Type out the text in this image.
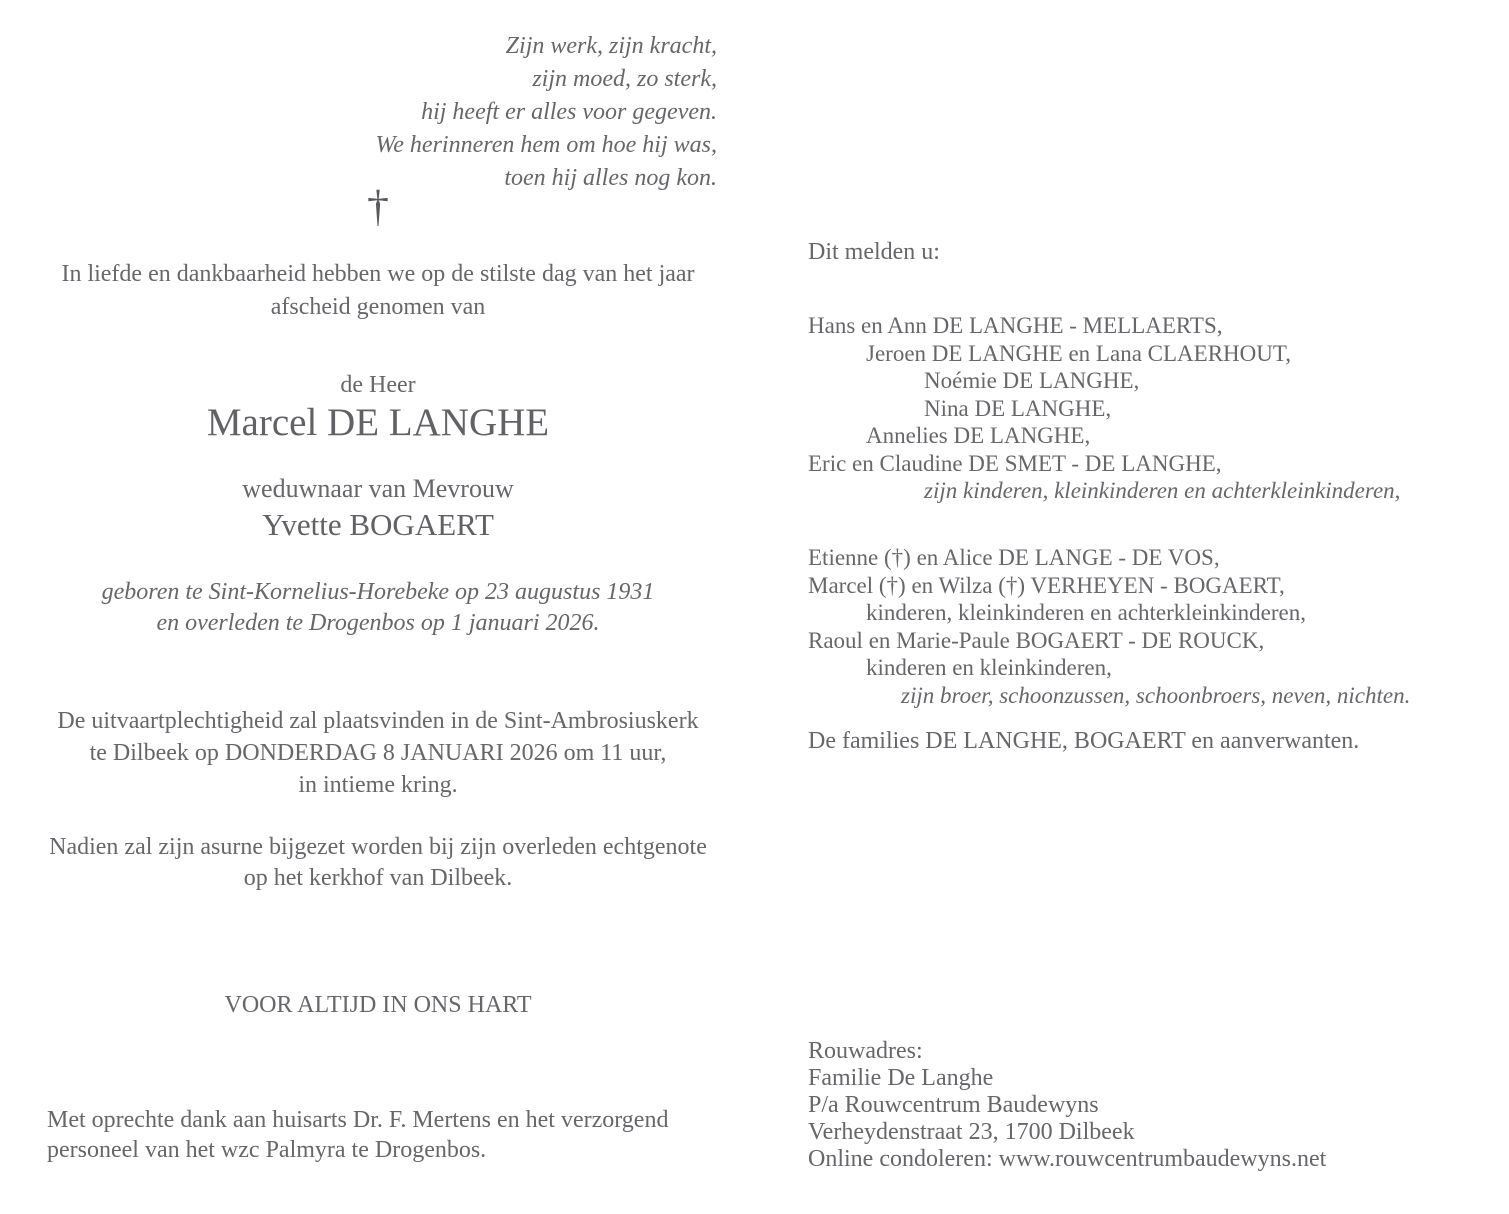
Zijn werk, zijn kracht,
zijn moed, zo sterk,
hij heeft er alles voor gegeven.
We herinneren hem om hoe hij was,
toen hij alles nog kon.
†
In liefde en dankbaarheid hebben we op de stilste dag van het jaar
afscheid genomen van
de Heer
Marcel DE LANGHE
weduwnaar van Mevrouw
Yvette BOGAERT
geboren te Sint-Kornelius-Horebeke op 23 augustus 1931
en overleden te Drogenbos op 1 januari 2026.
De uitvaartplechtigheid zal plaatsvinden in de Sint-Ambrosiuskerk
te Dilbeek op DONDERDAG 8 JANUARI 2026 om 11 uur,
in intieme kring.
Nadien zal zijn asurne bijgezet worden bij zijn overleden echtgenote
op het kerkhof van Dilbeek.
VOOR ALTIJD IN ONS HART
Met oprechte dank aan huisarts Dr. F. Mertens en het verzorgend
personeel van het wzc Palmyra te Drogenbos.
Dit melden u:
Hans en Ann DE LANGHE - MELLAERTS,
Jeroen DE LANGHE en Lana CLAERHOUT,
Noémie DE LANGHE,
Nina DE LANGHE,
Annelies DE LANGHE,
Eric en Claudine DE SMET - DE LANGHE,
zijn kinderen, kleinkinderen en achterkleinkinderen,
Etienne (†) en Alice DE LANGE - DE VOS,
Marcel (†) en Wilza (†) VERHEYEN - BOGAERT,
kinderen, kleinkinderen en achterkleinkinderen,
Raoul en Marie-Paule BOGAERT - DE ROUCK,
kinderen en kleinkinderen,
zijn broer, schoonzussen, schoonbroers, neven, nichten.
De families DE LANGHE, BOGAERT en aanverwanten.
Rouwadres:
Familie De Langhe
P/a Rouwcentrum Baudewyns
Verheydenstraat 23, 1700 Dilbeek
Online condoleren: www.rouwcentrumbaudewyns.net
